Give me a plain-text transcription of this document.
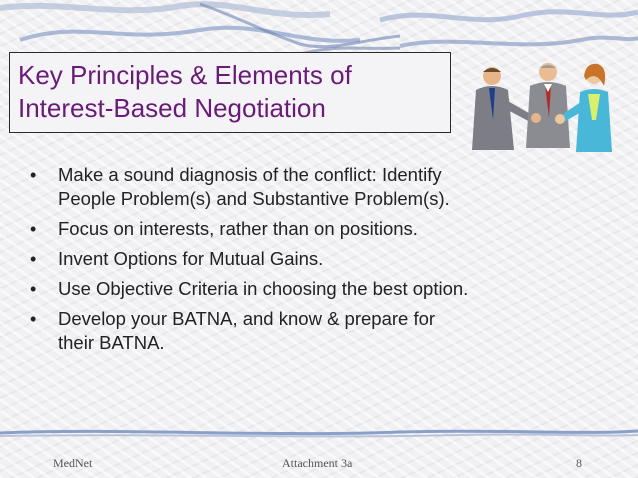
Key Principles & Elements of
Interest-Based Negotiation
• Make a sound diagnosis of the conflict: Identify
People Problem(s) and Substantive Problem(s).
• Focus on interests, rather than on positions.
• Invent Options for Mutual Gains.
• Use Objective Criteria in choosing the best option.
• Develop your BATNA, and know & prepare for
their BATNA.
MedNet	Attachment 3a	8
